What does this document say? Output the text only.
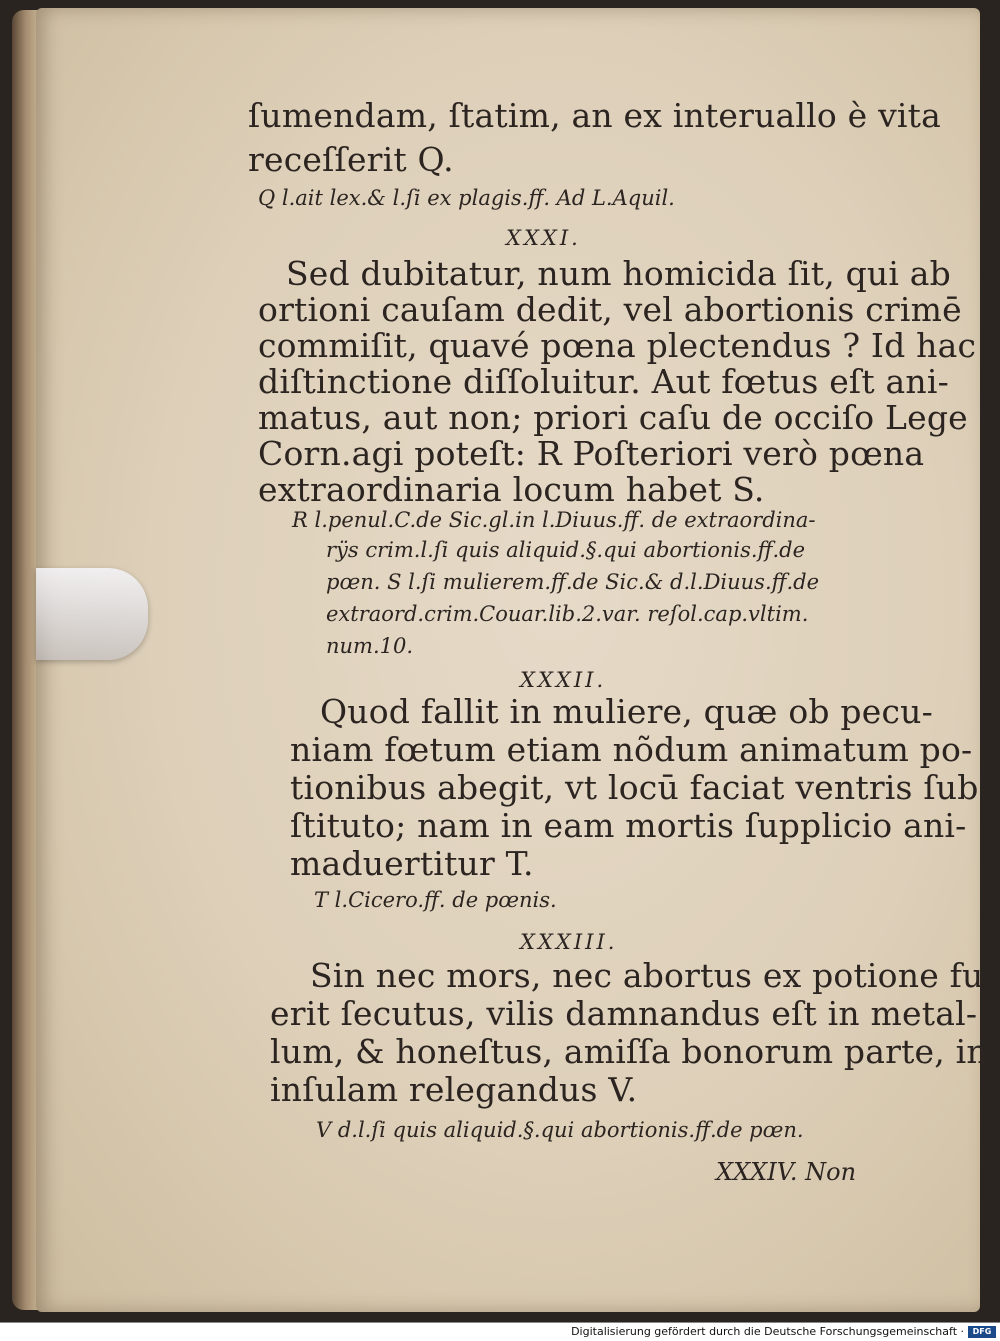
ſumendam, ſtatim, an ex interuallo è vita
receſſerit Q.
Q l.ait lex.& l.ſi ex plagis.ff. Ad L.Aquil.
XXXI.
Sed dubitatur, num homicida ſit, qui ab
ortioni cauſam dedit, vel abortionis crimē
commiſit, quavé pœna plectendus ? Id hac
diſtinctione diſſoluitur. Aut fœtus eſt ani-
matus, aut non; priori caſu de occiſo Lege
Corn.agi poteſt: R Poſteriori verò pœna
extraordinaria locum habet S.
R l.penul.C.de Sic.gl.in l.Diuus.ff. de extraordina-
rÿs crim.l.ſi quis aliquid.§.qui abortionis.ff.de
pœn. S l.ſi mulierem.ff.de Sic.& d.l.Diuus.ff.de
extraord.crim.Couar.lib.2.var. reſol.cap.vltim.
num.10.
XXXII.
Quod fallit in muliere, quæ ob pecu-
niam fœtum etiam nõdum animatum po-
tionibus abegit, vt locū faciat ventris ſub-
ſtituto; nam in eam mortis ſupplicio ani-
maduertitur T.
T l.Cicero.ff. de pœnis.
XXXIII.
Sin nec mors, nec abortus ex potione fu-
erit ſecutus, vilis damnandus eſt in metal-
lum, & honeſtus, amiſſa bonorum parte, in
inſulam relegandus V.
V d.l.ſi quis aliquid.§.qui abortionis.ff.de pœn.
XXXIV. Non
Digitalisierung gefördert durch die Deutsche Forschungsgemeinschaft ·	DFG
